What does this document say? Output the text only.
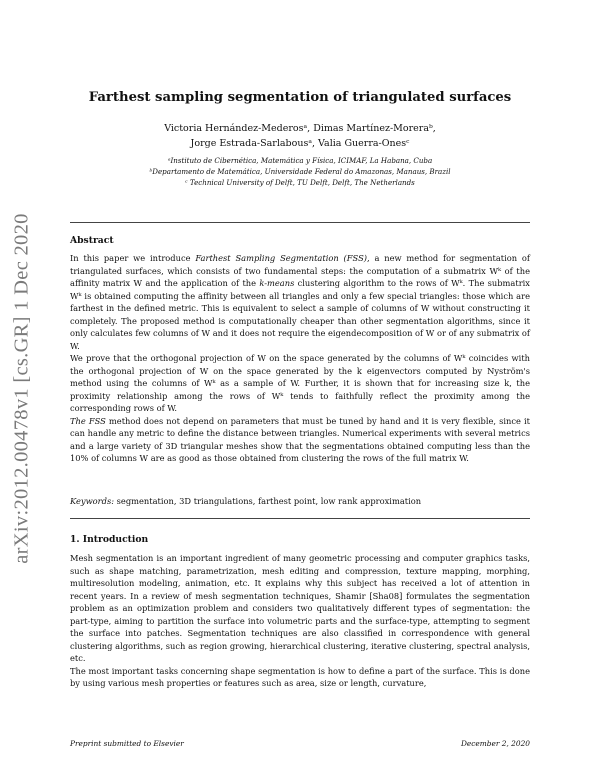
arXiv:2012.00478v1 [cs.GR] 1 Dec 2020
Farthest sampling segmentation of triangulated surfaces
Victoria Hernández-Mederosᵃ, Dimas Martínez-Moreraᵇ,
Jorge Estrada-Sarlabousᵃ, Valia Guerra-Onesᶜ
ᵃInstituto de Cibernética, Matemática y Física, ICIMAF, La Habana, Cuba
ᵇDepartamento de Matemática, Universidade Federal do Amazonas, Manaus, Brazil
ᶜ Technical University of Delft, TU Delft, Delft, The Netherlands
Abstract

In this paper we introduce Farthest Sampling Segmentation (FSS), a new method for segmentation of triangulated surfaces, which consists of two fundamental steps: the computation of a submatrix Wᵏ of the affinity matrix W and the application of the k-means clustering algorithm to the rows of Wᵏ. The submatrix Wᵏ is obtained computing the affinity between all triangles and only a few special triangles: those which are farthest in the defined metric. This is equivalent to select a sample of columns of W without constructing it completely. The proposed method is computationally cheaper than other segmentation algorithms, since it only calculates few columns of W and it does not require the eigendecomposition of W or of any submatrix of W.

We prove that the orthogonal projection of W on the space generated by the columns of Wᵏ coincides with the orthogonal projection of W on the space generated by the k eigenvectors computed by Nyström's method using the columns of Wᵏ as a sample of W. Further, it is shown that for increasing size k, the proximity relationship among the rows of Wᵏ tends to faithfully reflect the proximity among the corresponding rows of W.

The FSS method does not depend on parameters that must be tuned by hand and it is very flexible, since it can handle any metric to define the distance between triangles. Numerical experiments with several metrics and a large variety of 3D triangular meshes show that the segmentations obtained computing less than the 10% of columns W are as good as those obtained from clustering the rows of the full matrix W.

Keywords: segmentation, 3D triangulations, farthest point, low rank approximation
1. Introduction

Mesh segmentation is an important ingredient of many geometric processing and computer graphics tasks, such as shape matching, parametrization, mesh editing and compression, texture mapping, morphing, multiresolution modeling, animation, etc. It explains why this subject has received a lot of attention in recent years. In a review of mesh segmentation techniques, Shamir [Sha08] formulates the segmentation problem as an optimization problem and considers two qualitatively different types of segmentation: the part-type, aiming to partition the surface into volumetric parts and the surface-type, attempting to segment the surface into patches. Segmentation techniques are also classified in correspondence with general clustering algorithms, such as region growing, hierarchical clustering, iterative clustering, spectral analysis, etc.

The most important tasks concerning shape segmentation is how to define a part of the surface. This is done by using various mesh properties or features such as area, size or length, curvature,

Preprint submitted to Elsevier	December 2, 2020
